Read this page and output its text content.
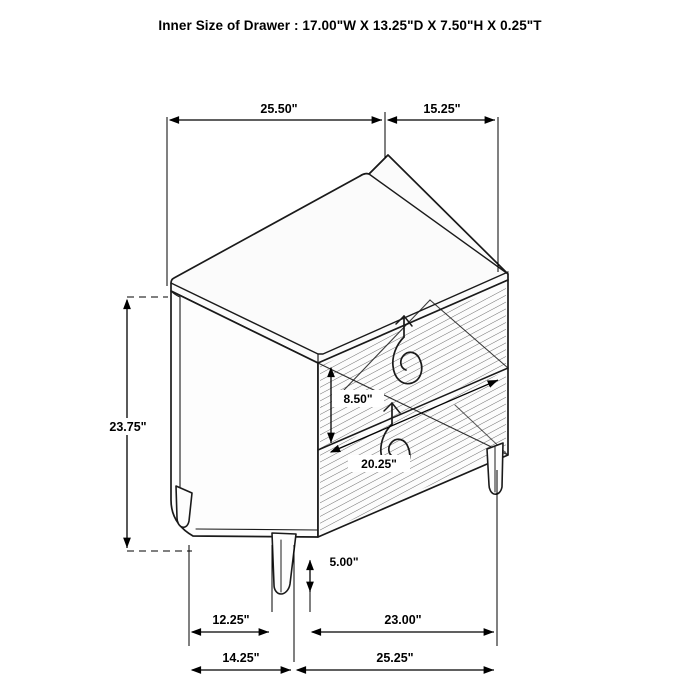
Inner Size of Drawer : 17.00"W X 13.25"D X 7.50"H X 0.25"T
25.50"	15.25"
23.75"
8.50"
20.25"
5.00"
12.25"	23.00"
14.25"	25.25"
